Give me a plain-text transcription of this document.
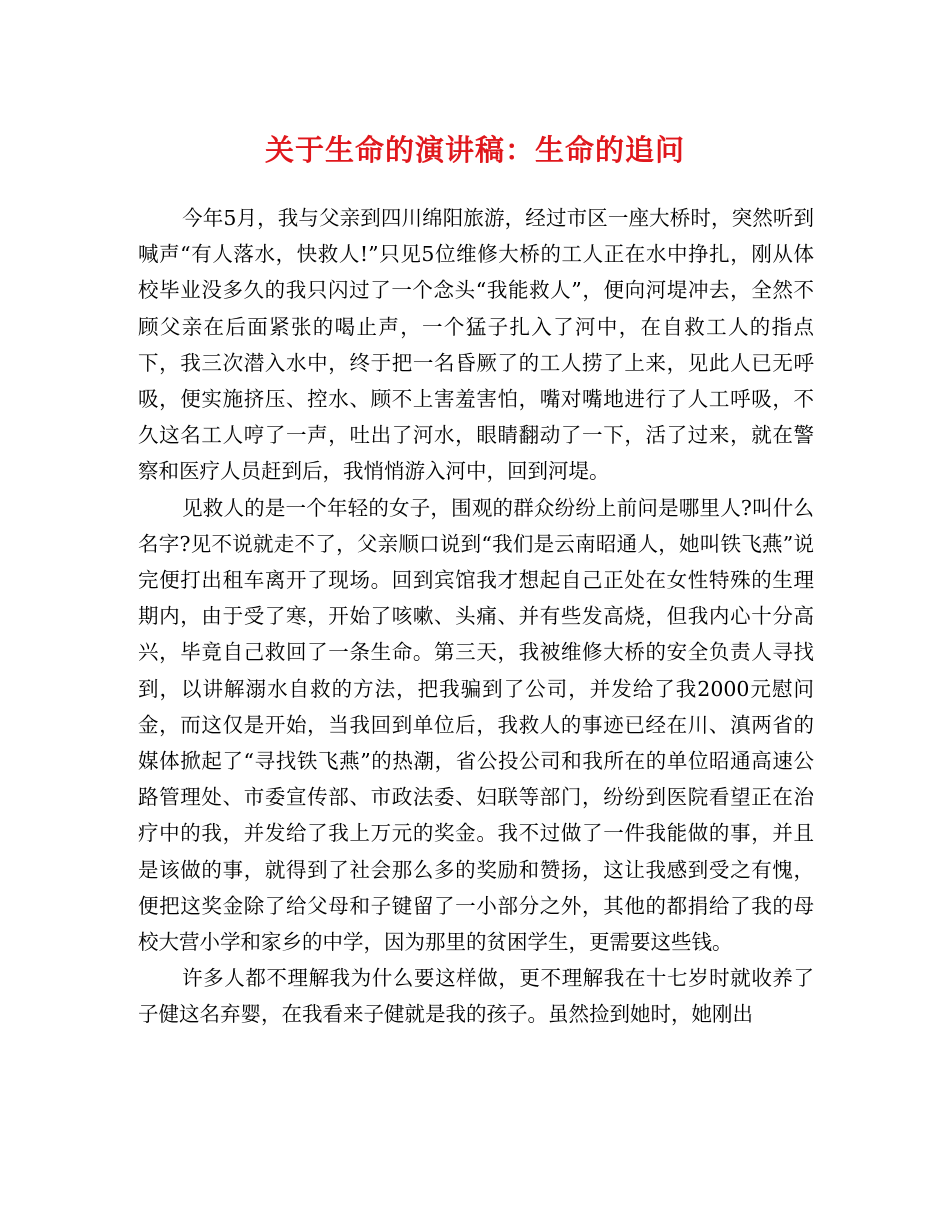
关于生命的演讲稿：生命的追问

今年5月，我与父亲到四川绵阳旅游，经过市区一座大桥时，突然听到喊声“有人落水，快救人!”只见5位维修大桥的工人正在水中挣扎，刚从体校毕业没多久的我只闪过了一个念头“我能救人”，便向河堤冲去，全然不顾父亲在后面紧张的喝止声，一个猛子扎入了河中，在自救工人的指点下，我三次潜入水中，终于把一名昏厥了的工人捞了上来，见此人已无呼吸，便实施挤压、控水、顾不上害羞害怕，嘴对嘴地进行了人工呼吸，不久这名工人哼了一声，吐出了河水，眼睛翻动了一下，活了过来，就在警察和医疗人员赶到后，我悄悄游入河中，回到河堤。

见救人的是一个年轻的女子，围观的群众纷纷上前问是哪里人?叫什么名字?见不说就走不了，父亲顺口说到“我们是云南昭通人，她叫铁飞燕”说完便打出租车离开了现场。回到宾馆我才想起自己正处在女性特殊的生理期内，由于受了寒，开始了咳嗽、头痛、并有些发高烧，但我内心十分高兴，毕竟自己救回了一条生命。第三天，我被维修大桥的安全负责人寻找到，以讲解溺水自救的方法，把我骗到了公司，并发给了我2000元慰问金，而这仅是开始，当我回到单位后，我救人的事迹已经在川、滇两省的媒体掀起了“寻找铁飞燕”的热潮，省公投公司和我所在的单位昭通高速公路管理处、市委宣传部、市政法委、妇联等部门，纷纷到医院看望正在治疗中的我，并发给了我上万元的奖金。我不过做了一件我能做的事，并且是该做的事，就得到了社会那么多的奖励和赞扬，这让我感到受之有愧，便把这奖金除了给父母和子键留了一小部分之外，其他的都捐给了我的母校大营小学和家乡的中学，因为那里的贫困学生，更需要这些钱。

许多人都不理解我为什么要这样做，更不理解我在十七岁时就收养了子健这名弃婴，在我看来子健就是我的孩子。虽然捡到她时，她刚出
